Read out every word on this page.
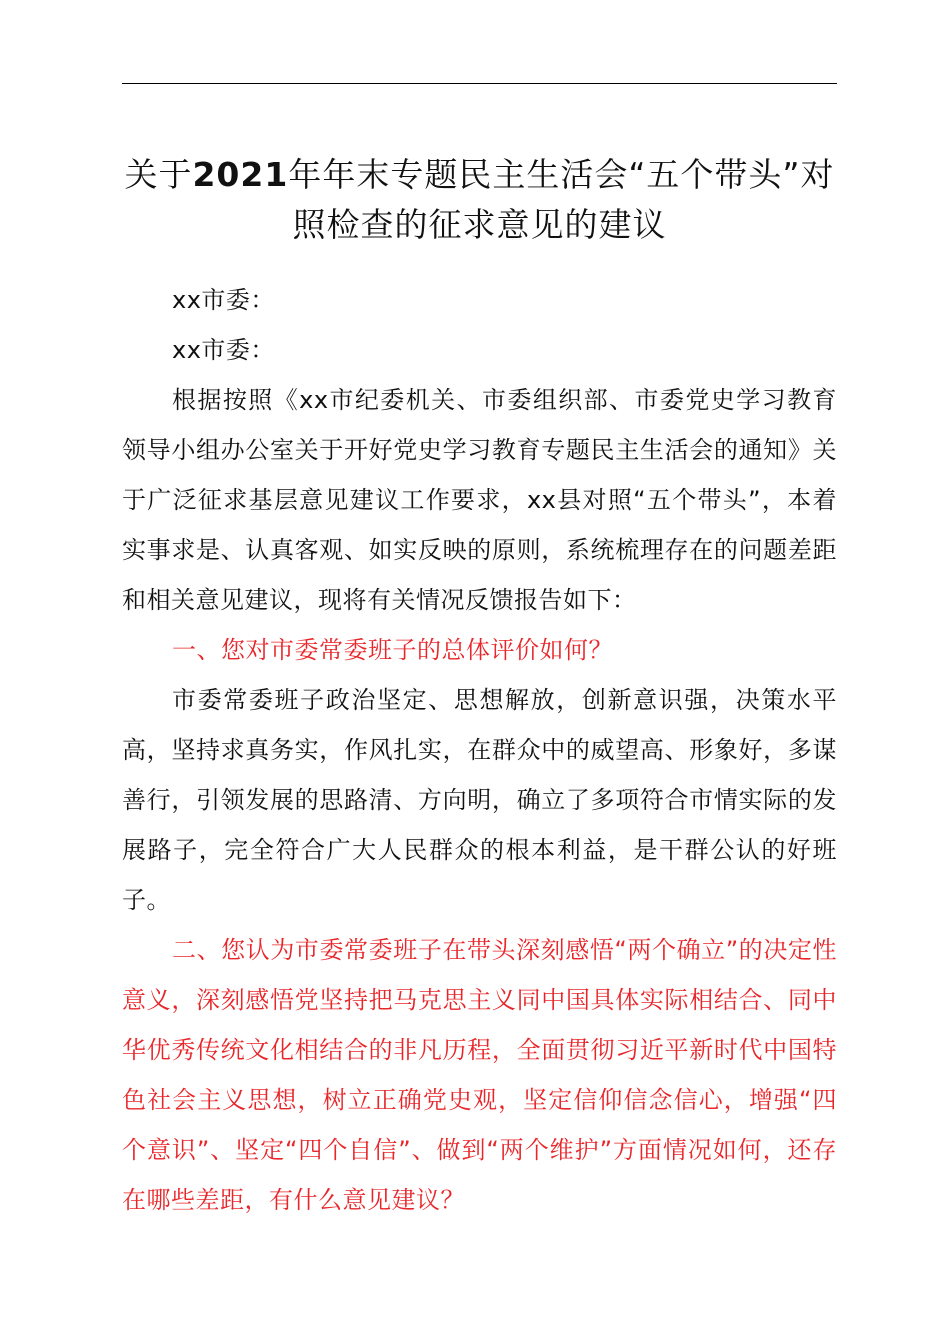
关于2021年年末专题民主生活会“五个带头”对照检查的征求意见的建议

xx市委：

xx市委：

根据按照《xx市纪委机关、市委组织部、市委党史学习教育领导小组办公室关于开好党史学习教育专题民主生活会的通知》关于广泛征求基层意见建议工作要求，xx县对照“五个带头”，本着实事求是、认真客观、如实反映的原则，系统梳理存在的问题差距和相关意见建议，现将有关情况反馈报告如下：

一、您对市委常委班子的总体评价如何？

市委常委班子政治坚定、思想解放，创新意识强，决策水平高，坚持求真务实，作风扎实，在群众中的威望高、形象好，多谋善行，引领发展的思路清、方向明，确立了多项符合市情实际的发展路子，完全符合广大人民群众的根本利益，是干群公认的好班子。

二、您认为市委常委班子在带头深刻感悟“两个确立”的决定性意义，深刻感悟党坚持把马克思主义同中国具体实际相结合、同中华优秀传统文化相结合的非凡历程，全面贯彻习近平新时代中国特色社会主义思想，树立正确党史观，坚定信仰信念信心，增强“四个意识”、坚定“四个自信”、做到“两个维护”方面情况如何，还存在哪些差距，有什么意见建议？
